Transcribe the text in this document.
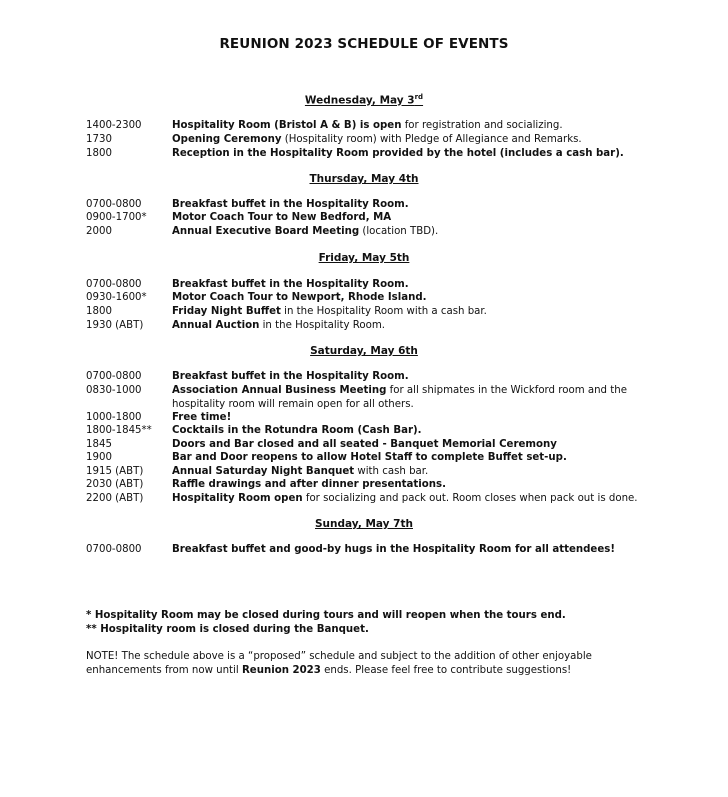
REUNION 2023 SCHEDULE OF EVENTS
Wednesday, May 3rd
1400-2300	Hospitality Room (Bristol A & B) is open for registration and socializing.
1730	Opening Ceremony (Hospitality room) with Pledge of Allegiance and Remarks.
1800	Reception in the Hospitality Room provided by the hotel (includes a cash bar).
Thursday, May 4th
0700-0800	Breakfast buffet in the Hospitality Room.
0900-1700*	Motor Coach Tour to New Bedford, MA
2000	Annual Executive Board Meeting (location TBD).
Friday, May 5th
0700-0800	Breakfast buffet in the Hospitality Room.
0930-1600*	Motor Coach Tour to Newport, Rhode Island.
1800	Friday Night Buffet in the Hospitality Room with a cash bar.
1930 (ABT)	Annual Auction in the Hospitality Room.
Saturday, May 6th
0700-0800	Breakfast buffet in the Hospitality Room.
0830-1000	Association Annual Business Meeting for all shipmates in the Wickford room and the hospitality room will remain open for all others.
1000-1800	Free time!
1800-1845**	Cocktails in the Rotundra Room (Cash Bar).
1845	Doors and Bar closed and all seated - Banquet Memorial Ceremony
1900	Bar and Door reopens to allow Hotel Staff to complete Buffet set-up.
1915 (ABT)	Annual Saturday Night Banquet with cash bar.
2030 (ABT)	Raffle drawings and after dinner presentations.
2200 (ABT)	Hospitality Room open for socializing and pack out. Room closes when pack out is done.
Sunday, May 7th
0700-0800	Breakfast buffet and good-by hugs in the Hospitality Room for all attendees!
* Hospitality Room may be closed during tours and will reopen when the tours end.
** Hospitality room is closed during the Banquet.
NOTE! The schedule above is a “proposed” schedule and subject to the addition of other enjoyable enhancements from now until Reunion 2023 ends. Please feel free to contribute suggestions!
